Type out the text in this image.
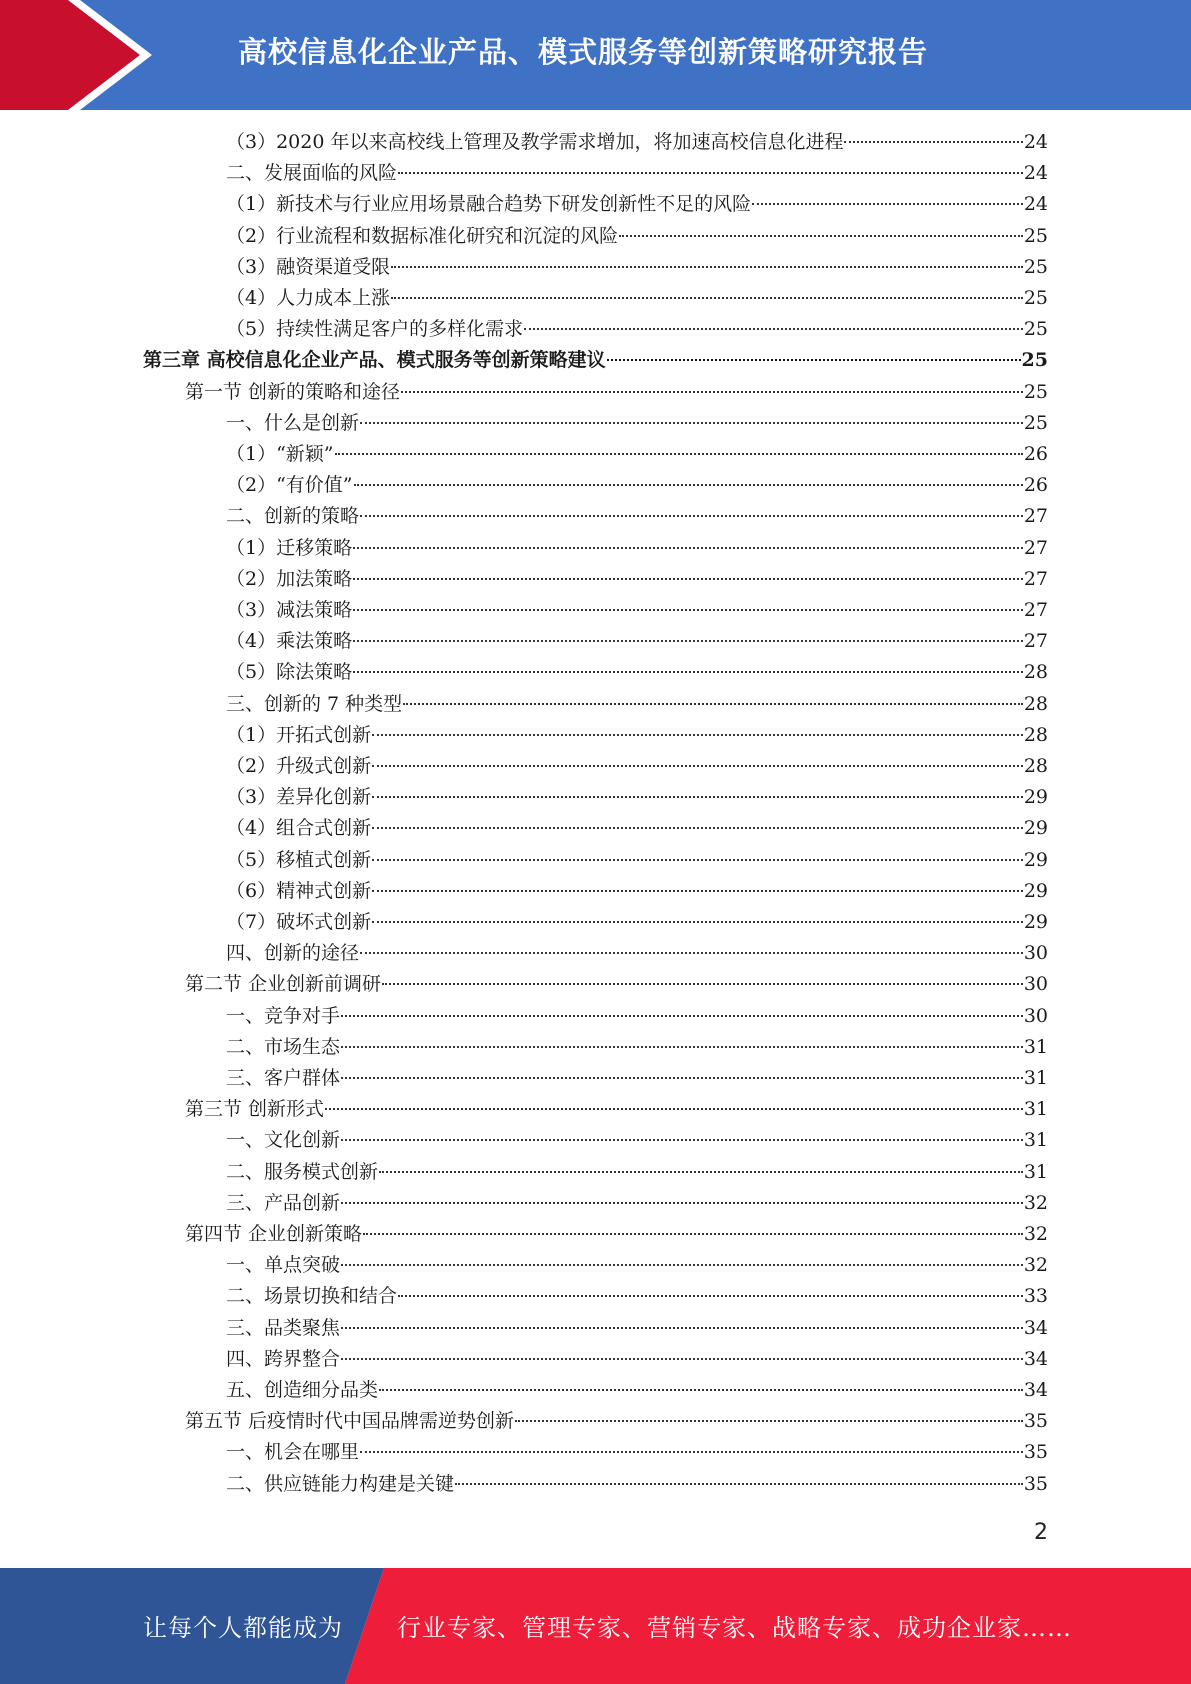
高校信息化企业产品、模式服务等创新策略研究报告
（3）2020 年以来高校线上管理及教学需求增加，将加速高校信息化进程	24
二、发展面临的风险	24
（1）新技术与行业应用场景融合趋势下研发创新性不足的风险	24
（2）行业流程和数据标准化研究和沉淀的风险	25
（3）融资渠道受限	25
（4）人力成本上涨	25
（5）持续性满足客户的多样化需求	25
第三章 高校信息化企业产品、模式服务等创新策略建议	25
第一节 创新的策略和途径	25
一、什么是创新	25
（1）“新颖”	26
（2）“有价值”	26
二、创新的策略	27
（1）迁移策略	27
（2）加法策略	27
（3）减法策略	27
（4）乘法策略	27
（5）除法策略	28
三、创新的 7 种类型	28
（1）开拓式创新	28
（2）升级式创新	28
（3）差异化创新	29
（4）组合式创新	29
（5）移植式创新	29
（6）精神式创新	29
（7）破坏式创新	29
四、创新的途径	30
第二节 企业创新前调研	30
一、竞争对手	30
二、市场生态	31
三、客户群体	31
第三节 创新形式	31
一、文化创新	31
二、服务模式创新	31
三、产品创新	32
第四节 企业创新策略	32
一、单点突破	32
二、场景切换和结合	33
三、品类聚焦	34
四、跨界整合	34
五、创造细分品类	34
第五节 后疫情时代中国品牌需逆势创新	35
一、机会在哪里	35
二、供应链能力构建是关键	35
2
让每个人都能成为 行业专家、管理专家、营销专家、战略专家、成功企业家……
